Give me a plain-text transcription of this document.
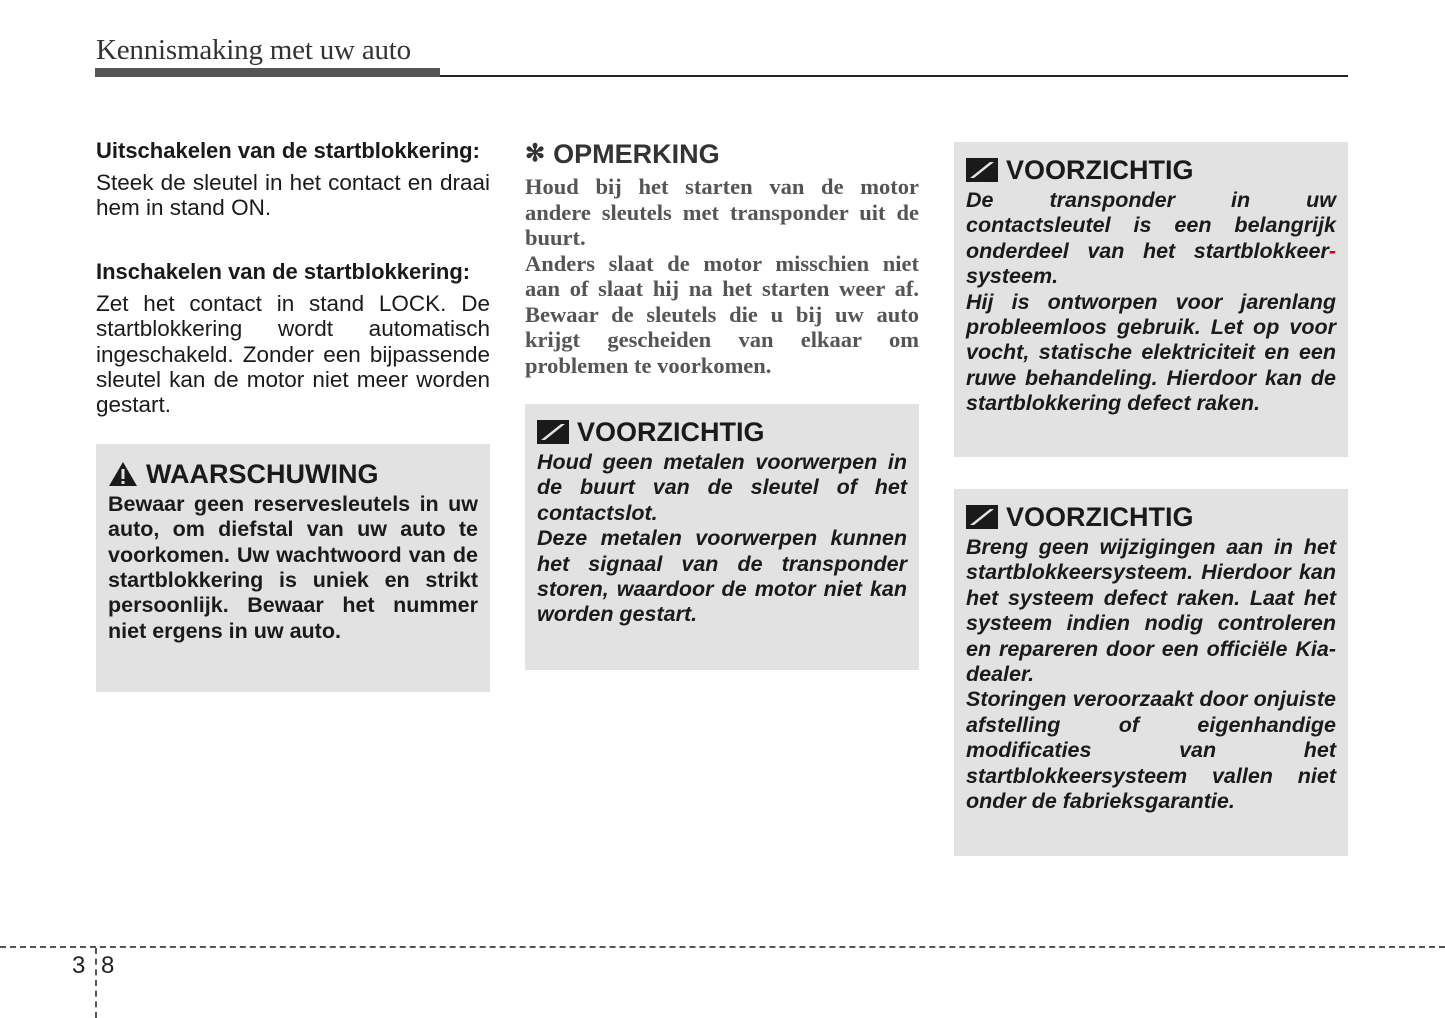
Kennismaking met uw auto

Uitschakelen van de startblokkering:

Steek de sleutel in het contact en draai hem in stand ON.

Inschakelen van de startblokkering:

Zet het contact in stand LOCK. De startblokkering wordt automatisch ingeschakeld. Zonder een bijpassende sleutel kan de motor niet meer worden gestart.

WAARSCHUWING

Bewaar geen reservesleutels in uw auto, om diefstal van uw auto te voorkomen. Uw wachtwoord van de startblokkering is uniek en strikt persoonlijk. Bewaar het nummer niet ergens in uw auto.

✻ OPMERKING

Houd bij het starten van de motor andere sleutels met transponder uit de buurt.

Anders slaat de motor misschien niet aan of slaat hij na het starten weer af. Bewaar de sleutels die u bij uw auto krijgt gescheiden van elkaar om problemen te voorkomen.

VOORZICHTIG

Houd geen metalen voorwerpen in de buurt van de sleutel of het contactslot.

Deze metalen voorwerpen kunnen het signaal van de transponder storen, waardoor de motor niet kan worden gestart.

VOORZICHTIG

De transponder in uw contactsleutel is een belangrijk onderdeel van het startblokkeer-systeem.

Hij is ontworpen voor jarenlang probleemloos gebruik. Let op voor vocht, statische elektriciteit en een ruwe behandeling. Hierdoor kan de startblokkering defect raken.

VOORZICHTIG

Breng geen wijzigingen aan in het startblokkeersysteem. Hierdoor kan het systeem defect raken. Laat het systeem indien nodig controleren en repareren door een officiële Kia-dealer.

Storingen veroorzaakt door onjuiste afstelling of eigenhandige modificaties van het startblokkeersysteem vallen niet onder de fabrieksgarantie.

3 8
